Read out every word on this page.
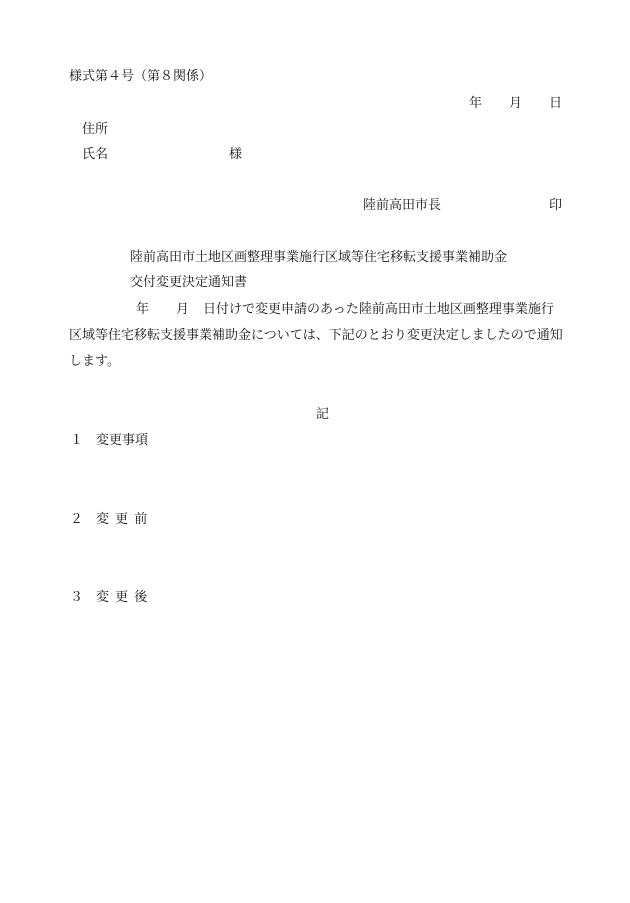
様式第４号（第８関係）
年 月 日
住所
氏名	様
陸前高田市長	印
陸前高田市土地区画整理事業施行区域等住宅移転支援事業補助金
交付変更決定通知書
年 月 日付けで変更申請のあった陸前高田市土地区画整理事業施行
区域等住宅移転支援事業補助金については、下記のとおり変更決定しましたので通知
します。
記
１ 変更事項
２ 変 更 前
３ 変 更 後
